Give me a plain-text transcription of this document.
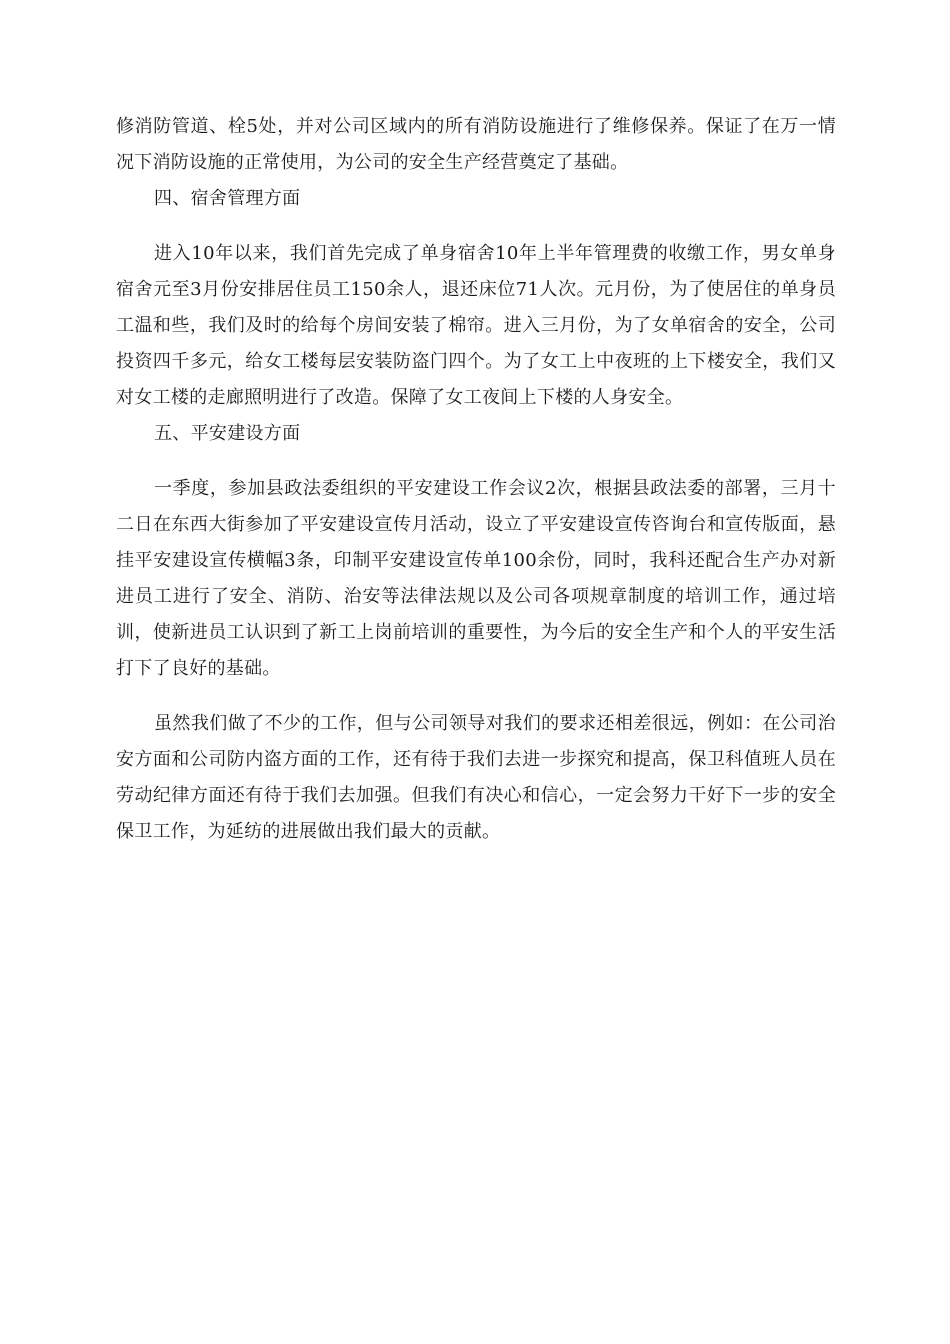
修消防管道、栓5处，并对公司区域内的所有消防设施进行了维修保养。保证了在万一情况下消防设施的正常使用，为公司的安全生产经营奠定了基础。

四、宿舍管理方面

进入10年以来，我们首先完成了单身宿舍10年上半年管理费的收缴工作，男女单身宿舍元至3月份安排居住员工150余人，退还床位71人次。元月份，为了使居住的单身员工温和些，我们及时的给每个房间安装了棉帘。进入三月份，为了女单宿舍的安全，公司投资四千多元，给女工楼每层安装防盗门四个。为了女工上中夜班的上下楼安全，我们又对女工楼的走廊照明进行了改造。保障了女工夜间上下楼的人身安全。

五、平安建设方面

一季度，参加县政法委组织的平安建设工作会议2次，根据县政法委的部署，三月十二日在东西大街参加了平安建设宣传月活动，设立了平安建设宣传咨询台和宣传版面，悬挂平安建设宣传横幅3条，印制平安建设宣传单100余份，同时，我科还配合生产办对新进员工进行了安全、消防、治安等法律法规以及公司各项规章制度的培训工作，通过培训，使新进员工认识到了新工上岗前培训的重要性，为今后的安全生产和个人的平安生活打下了良好的基础。

虽然我们做了不少的工作，但与公司领导对我们的要求还相差很远，例如：在公司治安方面和公司防内盗方面的工作，还有待于我们去进一步探究和提高，保卫科值班人员在劳动纪律方面还有待于我们去加强。但我们有决心和信心，一定会努力干好下一步的安全保卫工作，为延纺的进展做出我们最大的贡献。
